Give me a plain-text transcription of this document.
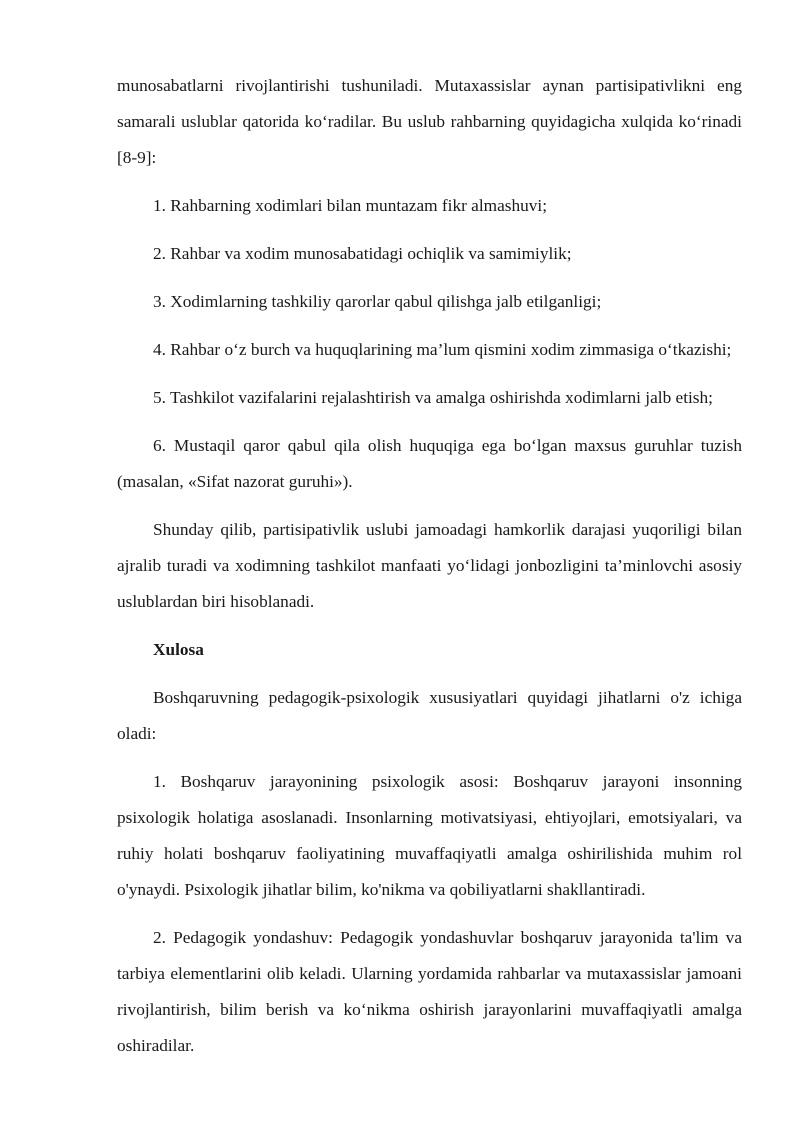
munosabatlarni rivojlantirishi tushuniladi. Mutaxassislar aynan partisipativlikni eng samarali uslublar qatorida ko‘radilar. Bu uslub rahbarning quyidagicha xulqida ko‘rinadi [8-9]:

1. Rahbarning xodimlari bilan muntazam fikr almashuvi;

2. Rahbar va xodim munosabatidagi ochiqlik va samimiylik;

3. Xodimlarning tashkiliy qarorlar qabul qilishga jalb etilganligi;

4. Rahbar o‘z burch va huquqlarining ma’lum qismini xodim zimmasiga o‘tkazishi;

5. Tashkilot vazifalarini rejalashtirish va amalga oshirishda xodimlarni jalb etish;

6. Mustaqil qaror qabul qila olish huquqiga ega bo‘lgan maxsus guruhlar tuzish (masalan, «Sifat nazorat guruhi»).

Shunday qilib, partisipativlik uslubi jamoadagi hamkorlik darajasi yuqoriligi bilan ajralib turadi va xodimning tashkilot manfaati yo‘lidagi jonbozligini ta’minlovchi asosiy uslublardan biri hisoblanadi.

Xulosa

Boshqaruvning pedagogik-psixologik xususiyatlari quyidagi jihatlarni o'z ichiga oladi:

1. Boshqaruv jarayonining psixologik asosi: Boshqaruv jarayoni insonning psixologik holatiga asoslanadi. Insonlarning motivatsiyasi, ehtiyojlari, emotsiyalari, va ruhiy holati boshqaruv faoliyatining muvaffaqiyatli amalga oshirilishida muhim rol o'ynaydi. Psixologik jihatlar bilim, ko'nikma va qobiliyatlarni shakllantiradi.

2. Pedagogik yondashuv: Pedagogik yondashuvlar boshqaruv jarayonida ta'lim va tarbiya elementlarini olib keladi. Ularning yordamida rahbarlar va mutaxassislar jamoani rivojlantirish, bilim berish va ko‘nikma oshirish jarayonlarini muvaffaqiyatli amalga oshiradilar.
